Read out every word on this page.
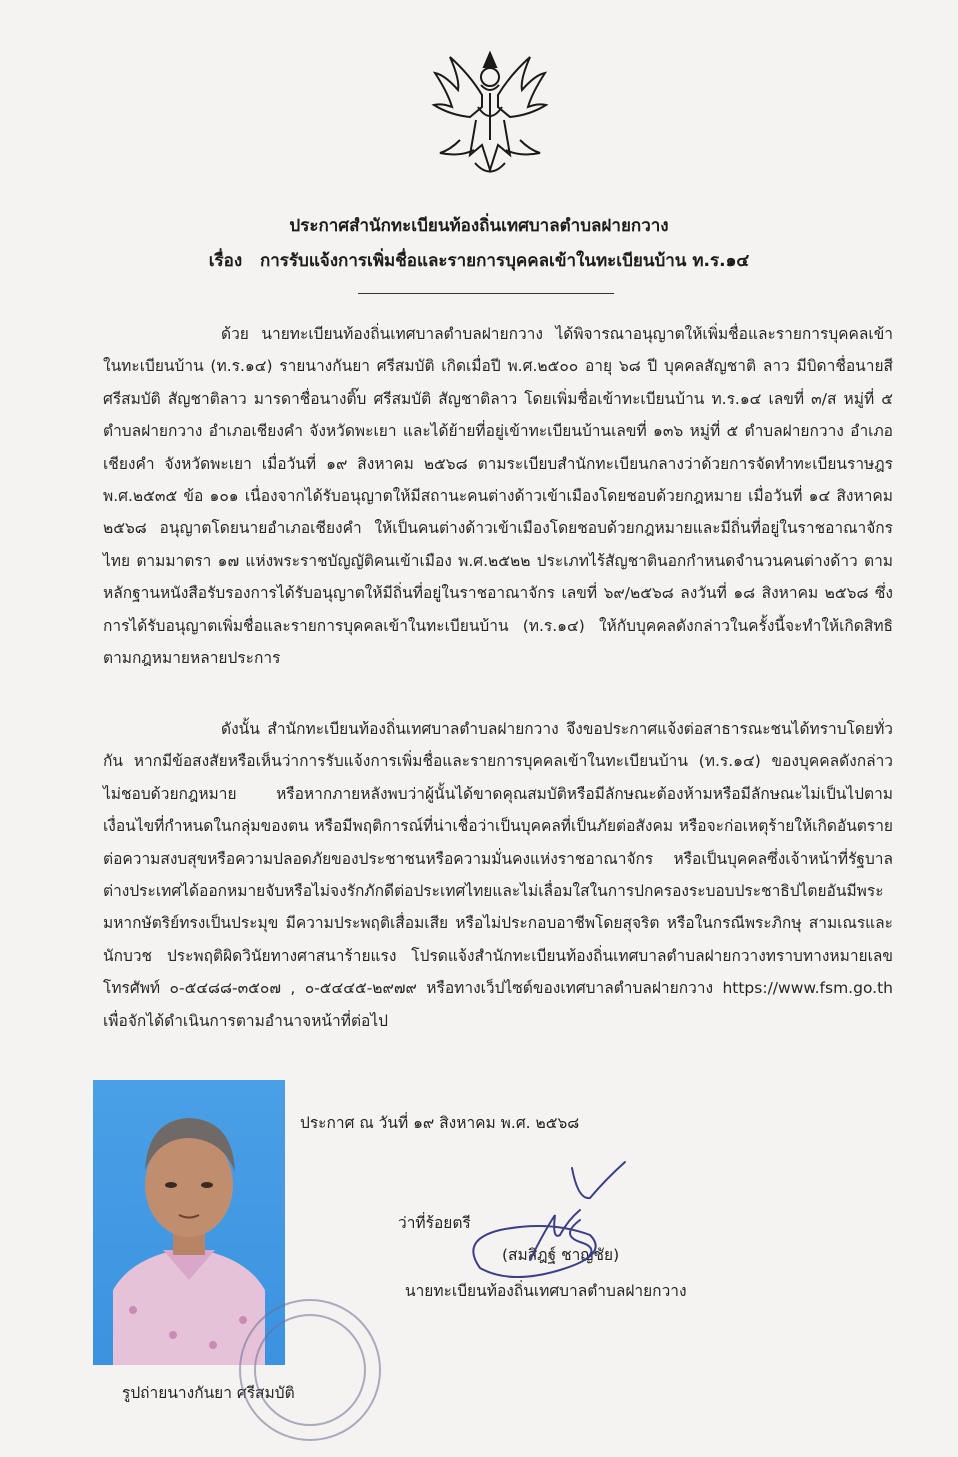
ประกาศสำนักทะเบียนท้องถิ่นเทศบาลตำบลฝายกวาง
เรื่อง การรับแจ้งการเพิ่มชื่อและรายการบุคคลเข้าในทะเบียนบ้าน ท.ร.๑๔
ด้วย นายทะเบียนท้องถิ่นเทศบาลตำบลฝายกวาง ได้พิจารณาอนุญาตให้เพิ่มชื่อและรายการบุคคลเข้าในทะเบียนบ้าน (ท.ร.๑๔) รายนางกันยา ศรีสมบัติ เกิดเมื่อปี พ.ศ.๒๕๐๐ อายุ ๖๘ ปี บุคคลสัญชาติ ลาว มีบิดาชื่อนายสี ศรีสมบัติ สัญชาติลาว มารดาชื่อนางติ๊บ ศรีสมบัติ สัญชาติลาว โดยเพิ่มชื่อเข้าทะเบียนบ้าน ท.ร.๑๔ เลขที่ ๓/ส หมู่ที่ ๕ ตำบลฝายกวาง อำเภอเชียงคำ จังหวัดพะเยา และได้ย้ายที่อยู่เข้าทะเบียนบ้านเลขที่ ๑๓๖ หมู่ที่ ๕ ตำบลฝายกวาง อำเภอเชียงคำ จังหวัดพะเยา เมื่อวันที่ ๑๙ สิงหาคม ๒๕๖๘ ตามระเบียบสำนักทะเบียนกลางว่าด้วยการจัดทำทะเบียนราษฎร พ.ศ.๒๕๓๕ ข้อ ๑๐๑ เนื่องจากได้รับอนุญาตให้มีสถานะคนต่างด้าวเข้าเมืองโดยชอบด้วยกฎหมาย เมื่อวันที่ ๑๔ สิงหาคม ๒๕๖๘ อนุญาตโดยนายอำเภอเชียงคำ ให้เป็นคนต่างด้าวเข้าเมืองโดยชอบด้วยกฎหมายและมีถิ่นที่อยู่ในราชอาณาจักรไทย ตามมาตรา ๑๗ แห่งพระราชบัญญัติคนเข้าเมือง พ.ศ.๒๕๒๒ ประเภทไร้สัญชาตินอกกำหนดจำนวนคนต่างด้าว ตามหลักฐานหนังสือรับรองการได้รับอนุญาตให้มีถิ่นที่อยู่ในราชอาณาจักร เลขที่ ๖๙/๒๕๖๘ ลงวันที่ ๑๘ สิงหาคม ๒๕๖๘ ซึ่งการได้รับอนุญาตเพิ่มชื่อและรายการบุคคลเข้าในทะเบียนบ้าน (ท.ร.๑๔) ให้กับบุคคลดังกล่าวในครั้งนี้จะทำให้เกิดสิทธิตามกฎหมายหลายประการ
ดังนั้น สำนักทะเบียนท้องถิ่นเทศบาลตำบลฝายกวาง จึงขอประกาศแจ้งต่อสาธารณะชนได้ทราบโดยทั่วกัน หากมีข้อสงสัยหรือเห็นว่าการรับแจ้งการเพิ่มชื่อและรายการบุคคลเข้าในทะเบียนบ้าน (ท.ร.๑๔) ของบุคคลดังกล่าวไม่ชอบด้วยกฎหมาย หรือหากภายหลังพบว่าผู้นั้นได้ขาดคุณสมบัติหรือมีลักษณะต้องห้ามหรือมีลักษณะไม่เป็นไปตามเงื่อนไขที่กำหนดในกลุ่มของตน หรือมีพฤติการณ์ที่น่าเชื่อว่าเป็นบุคคลที่เป็นภัยต่อสังคม หรือจะก่อเหตุร้ายให้เกิดอันตรายต่อความสงบสุขหรือความปลอดภัยของประชาชนหรือความมั่นคงแห่งราชอาณาจักร หรือเป็นบุคคลซึ่งเจ้าหน้าที่รัฐบาลต่างประเทศได้ออกหมายจับหรือไม่จงรักภักดีต่อประเทศไทยและไม่เลื่อมใสในการปกครองระบอบประชาธิปไตยอันมีพระมหากษัตริย์ทรงเป็นประมุข มีความประพฤติเสื่อมเสีย หรือไม่ประกอบอาชีพโดยสุจริต หรือในกรณีพระภิกษุ สามเณรและนักบวช ประพฤติผิดวินัยทางศาสนาร้ายแรง โปรดแจ้งสำนักทะเบียนท้องถิ่นเทศบาลตำบลฝายกวางทราบทางหมายเลขโทรศัพท์ ๐-๕๔๘๘-๓๕๐๗ , ๐-๕๔๔๕-๒๙๗๙ หรือทางเว็ปไซต์ของเทศบาลตำบลฝายกวาง https://www.fsm.go.th เพื่อจักได้ดำเนินการตามอำนาจหน้าที่ต่อไป
รูปถ่ายนางกันยา ศรีสมบัติ
ประกาศ ณ วันที่ ๑๙ สิงหาคม พ.ศ. ๒๕๖๘
ว่าที่ร้อยตรี
(สมสิฎฐ์ ชาญชัย)
นายทะเบียนท้องถิ่นเทศบาลตำบลฝายกวาง
